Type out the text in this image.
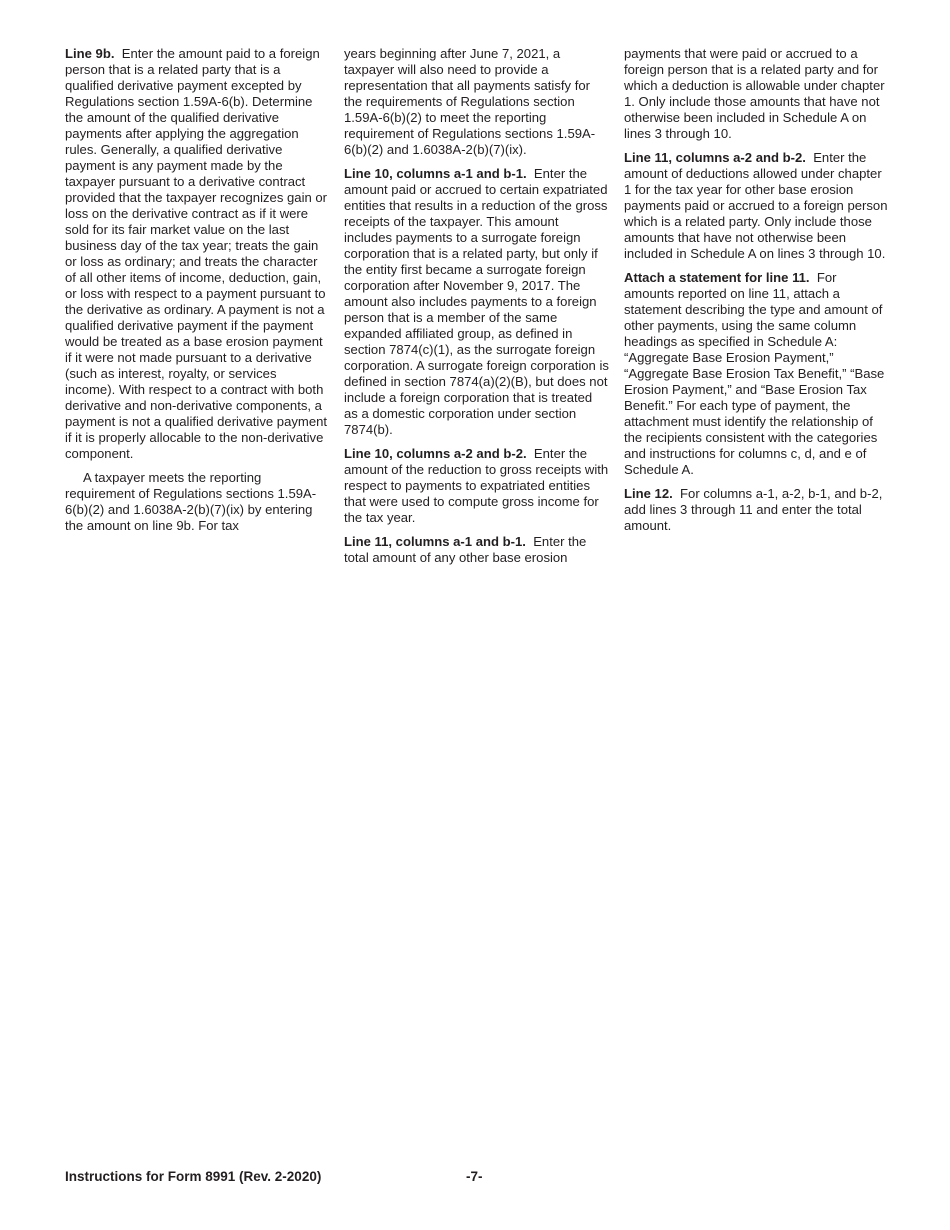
Line 9b. Enter the amount paid to a foreign person that is a related party that is a qualified derivative payment excepted by Regulations section 1.59A-6(b). Determine the amount of the qualified derivative payments after applying the aggregation rules. Generally, a qualified derivative payment is any payment made by the taxpayer pursuant to a derivative contract provided that the taxpayer recognizes gain or loss on the derivative contract as if it were sold for its fair market value on the last business day of the tax year; treats the gain or loss as ordinary; and treats the character of all other items of income, deduction, gain, or loss with respect to a payment pursuant to the derivative as ordinary. A payment is not a qualified derivative payment if the payment would be treated as a base erosion payment if it were not made pursuant to a derivative (such as interest, royalty, or services income). With respect to a contract with both derivative and non-derivative components, a payment is not a qualified derivative payment if it is properly allocable to the non-derivative component.

A taxpayer meets the reporting requirement of Regulations sections 1.59A-6(b)(2) and 1.6038A-2(b)(7)(ix) by entering the amount on line 9b. For tax

years beginning after June 7, 2021, a taxpayer will also need to provide a representation that all payments satisfy for the requirements of Regulations section 1.59A-6(b)(2) to meet the reporting requirement of Regulations sections 1.59A-6(b)(2) and 1.6038A-2(b)(7)(ix).

Line 10, columns a-1 and b-1. Enter the amount paid or accrued to certain expatriated entities that results in a reduction of the gross receipts of the taxpayer. This amount includes payments to a surrogate foreign corporation that is a related party, but only if the entity first became a surrogate foreign corporation after November 9, 2017. The amount also includes payments to a foreign person that is a member of the same expanded affiliated group, as defined in section 7874(c)(1), as the surrogate foreign corporation. A surrogate foreign corporation is defined in section 7874(a)(2)(B), but does not include a foreign corporation that is treated as a domestic corporation under section 7874(b).

Line 10, columns a-2 and b-2. Enter the amount of the reduction to gross receipts with respect to payments to expatriated entities that were used to compute gross income for the tax year.

Line 11, columns a-1 and b-1. Enter the total amount of any other base erosion

payments that were paid or accrued to a foreign person that is a related party and for which a deduction is allowable under chapter 1. Only include those amounts that have not otherwise been included in Schedule A on lines 3 through 10.

Line 11, columns a-2 and b-2. Enter the amount of deductions allowed under chapter 1 for the tax year for other base erosion payments paid or accrued to a foreign person which is a related party. Only include those amounts that have not otherwise been included in Schedule A on lines 3 through 10.

Attach a statement for line 11. For amounts reported on line 11, attach a statement describing the type and amount of other payments, using the same column headings as specified in Schedule A: “Aggregate Base Erosion Payment,” “Aggregate Base Erosion Tax Benefit,” “Base Erosion Payment,” and “Base Erosion Tax Benefit.” For each type of payment, the attachment must identify the relationship of the recipients consistent with the categories and instructions for columns c, d, and e of Schedule A.

Line 12. For columns a-1, a-2, b-1, and b-2, add lines 3 through 11 and enter the total amount.

Instructions for Form 8991 (Rev. 2-2020)	-7-
